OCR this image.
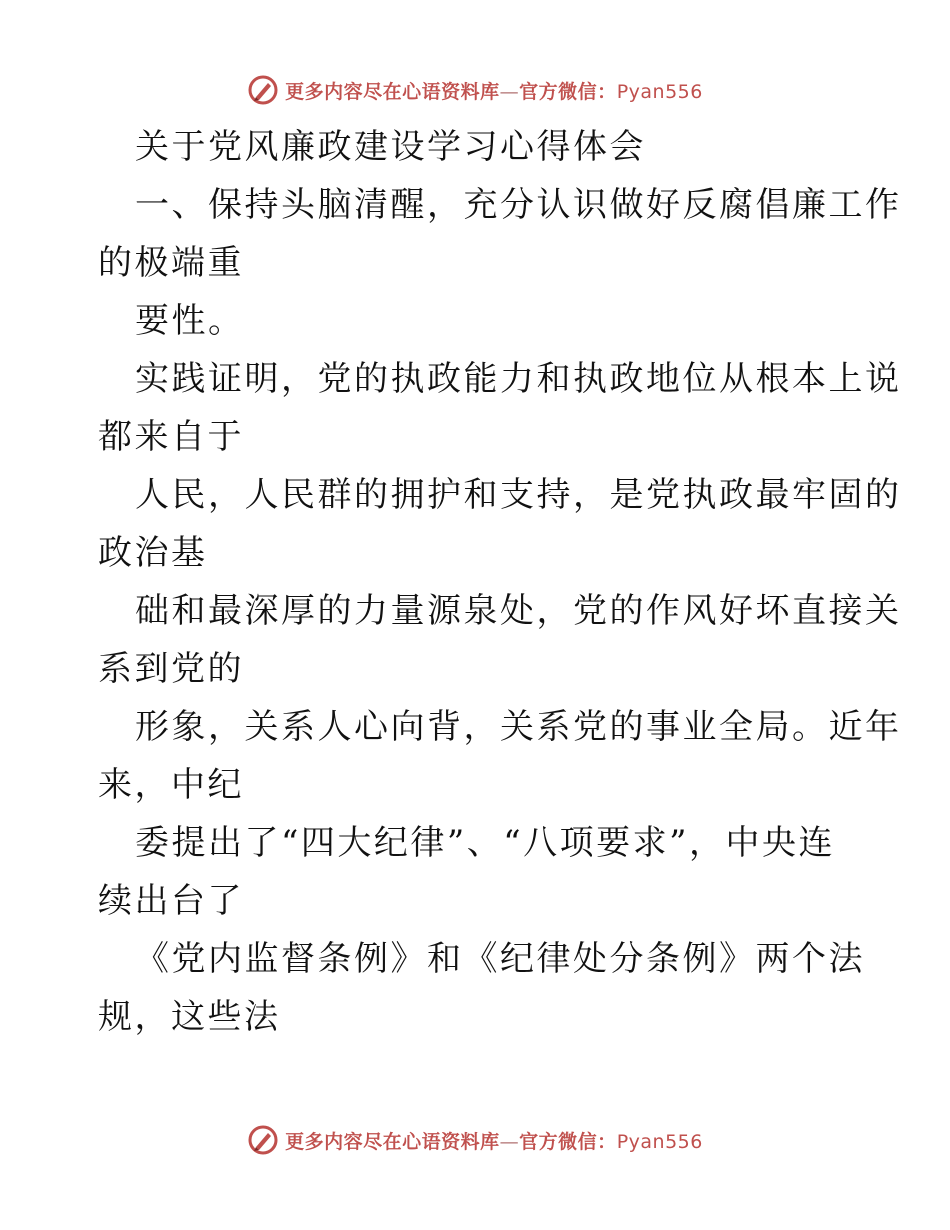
更多内容尽在心语资料库—官方微信：Pyan556
关于党风廉政建设学习心得体会
一、保持头脑清醒，充分认识做好反腐倡廉工作
的极端重
要性。
实践证明，党的执政能力和执政地位从根本上说
都来自于
人民，人民群的拥护和支持，是党执政最牢固的
政治基
础和最深厚的力量源泉处，党的作风好坏直接关
系到党的
形象，关系人心向背，关系党的事业全局。近年
来，中纪
委提出了“四大纪律”、“八项要求”，中央连
续出台了
《党内监督条例》和《纪律处分条例》两个法
规，这些法
更多内容尽在心语资料库—官方微信：Pyan556
